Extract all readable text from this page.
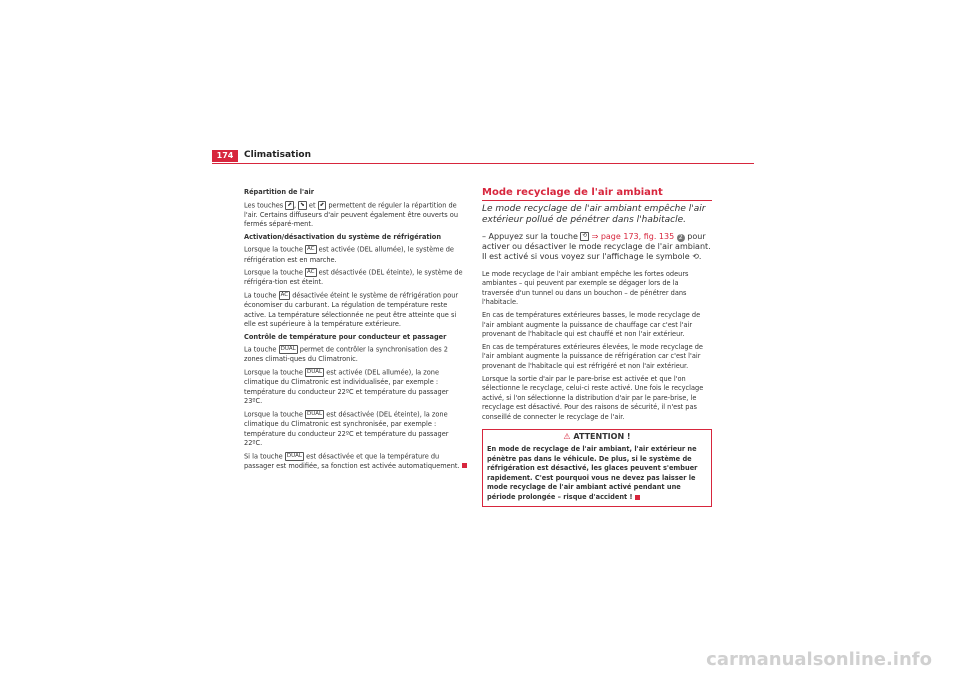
174	Climatisation

Répartition de l'air

Les touches ⬈ , ⬊ et ⬋ permettent de réguler la répartition de l'air. Certains diffuseurs d'air peuvent également être ouverts ou fermés séparé-ment.

Activation/désactivation du système de réfrigération

Lorsque la touche AC est activée (DEL allumée), le système de réfrigération est en marche.

Lorsque la touche AC est désactivée (DEL éteinte), le système de réfrigéra-tion est éteint.

La touche AC désactivée éteint le système de réfrigération pour économiser du carburant. La régulation de température reste active. La température sélectionnée ne peut être atteinte que si elle est supérieure à la température extérieure.

Contrôle de température pour conducteur et passager

La touche DUAL permet de contrôler la synchronisation des 2 zones climati-ques du Climatronic.

Lorsque la touche DUAL est activée (DEL allumée), la zone climatique du Climatronic est individualisée, par exemple : température du conducteur 22ºC et température du passager 23ºC.

Lorsque la touche DUAL est désactivée (DEL éteinte), la zone climatique du Climatronic est synchronisée, par exemple : température du conducteur 22ºC et température du passager 22ºC.

Si la touche DUAL est désactivée et que la température du passager est modifiée, sa fonction est activée automatiquement.

Mode recyclage de l'air ambiant
Le mode recyclage de l'air ambiant empêche l'air extérieur pollué de pénétrer dans l'habitacle.
– Appuyez sur la touche ⟲ ⇒ page 173, fig. 135 2 pour activer ou désactiver le mode recyclage de l'air ambiant. Il est activé si vous voyez sur l'affichage le symbole ⟲.

Le mode recyclage de l'air ambiant empêche les fortes odeurs ambiantes – qui peuvent par exemple se dégager lors de la traversée d'un tunnel ou dans un bouchon – de pénétrer dans l'habitacle.

En cas de températures extérieures basses, le mode recyclage de l'air ambiant augmente la puissance de chauffage car c'est l'air provenant de l'habitacle qui est chauffé et non l'air extérieur.

En cas de températures extérieures élevées, le mode recyclage de l'air ambiant augmente la puissance de réfrigération car c'est l'air provenant de l'habitacle qui est réfrigéré et non l'air extérieur.

Lorsque la sortie d'air par le pare-brise est activée et que l'on sélectionne le recyclage, celui-ci reste activé. Une fois le recyclage activé, si l'on sélectionne la distribution d'air par le pare-brise, le recyclage est désactivé. Pour des raisons de sécurité, il n'est pas conseillé de connecter le recyclage de l'air.

⚠ ATTENTION !
En mode de recyclage de l'air ambiant, l'air extérieur ne pénètre pas dans le véhicule. De plus, si le système de réfrigération est désactivé, les glaces peuvent s'embuer rapidement. C'est pourquoi vous ne devez pas laisser le mode recyclage de l'air ambiant activé pendant une période prolongée – risque d'accident !
carmanualsonline.info
